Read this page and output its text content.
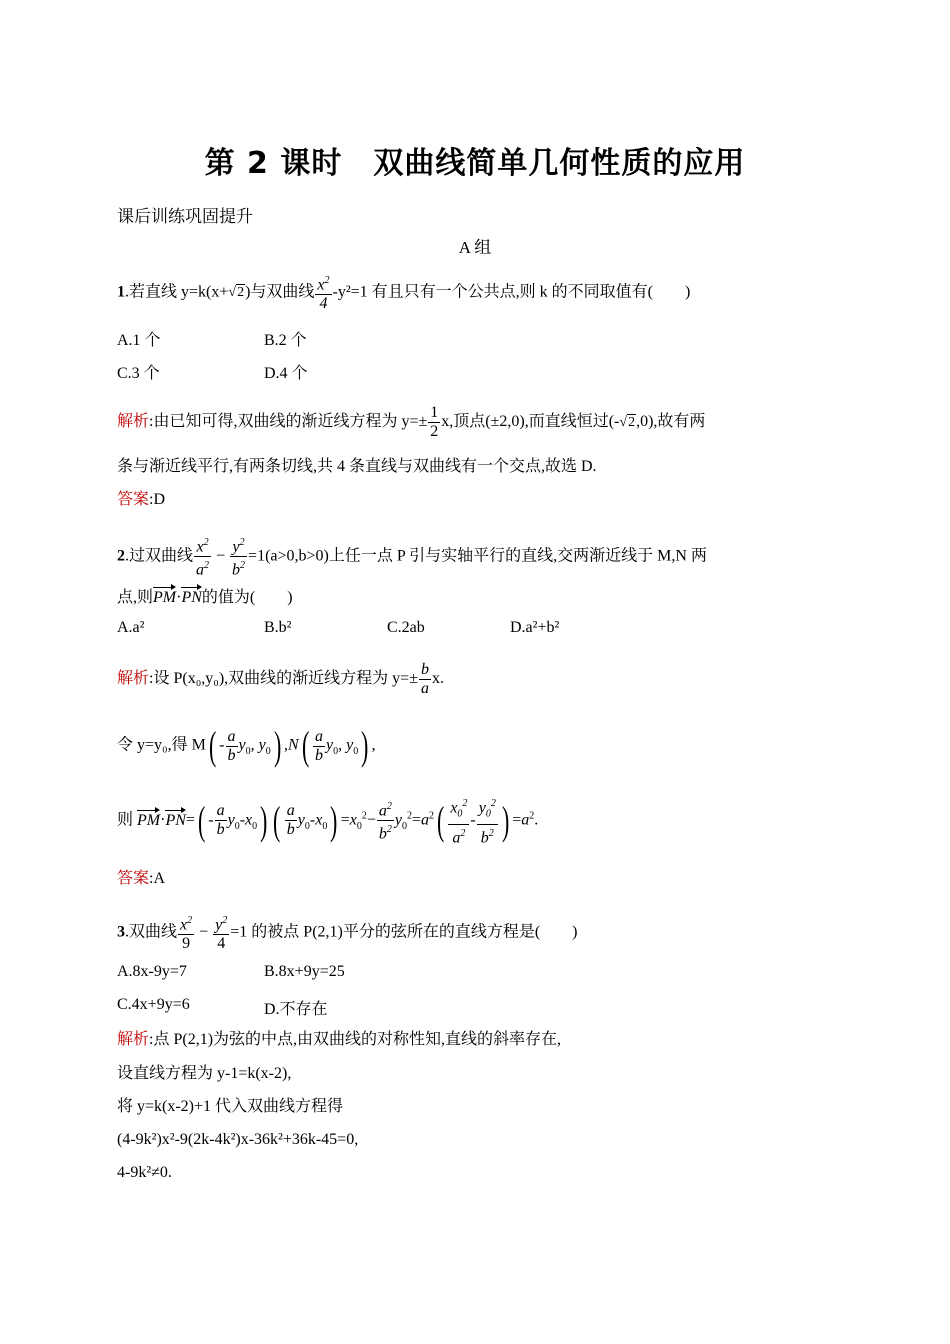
第 2 课时　双曲线简单几何性质的应用
课后训练巩固提升
A 组
1.若直线 y=k(x+√2)与双曲线 $\frac{x^2}{4} -y^2=1$ 有且只有一个公共点,则 k 的不同取值有(　　)
A.1 个	B.2 个
C.3 个	D.4 个
解析:由已知可得,双曲线的渐近线方程为 $y=\pm \frac{1}{2} x$,顶点(±2,0),而直线恒过(-√2,0),故有两
条与渐近线平行,有两条切线,共 4 条直线与双曲线有一个交点,故选 D.
答案:D
2.过双曲线 $\frac{x^2}{a^2} - \frac{y^2}{b^2} =1(a>0,b>0)$上任一点 P 引与实轴平行的直线,交两渐近线于 M,N 两
点,则PM·PN的值为(　　)
A.a²	B.b²	C.2ab	D.a²+b²
解析:设 P(x₀,y₀),双曲线的渐近线方程为 $y=\pm \frac{b}{a} x$.
令 y=y₀,得 $M( - \frac{a}{b} y_0$, $y_0$) $,N( \frac{a}{b} y_0$, $y_0$) ,
则 $PM\cdot PN=( - \frac{a}{b} y_0-x_0)$ ( $\frac{a}{b} y_0-x_0) =x_0^2- \frac{a^2}{b^2} y_0^2=a^2( \frac{x_0^2}{a^2} - \frac{y_0^2}{b^2}$ ) $=a^2$.
答案:A
3.双曲线 $\frac{x^2}{9} - \frac{y^2}{4} =1$ 的被点 P(2,1)平分的弦所在的直线方程是(　　)
A.8x-9y=7	B.8x+9y=25
C.4x+9y=6	D.不存在
解析:点 P(2,1)为弦的中点,由双曲线的对称性知,直线的斜率存在,
设直线方程为 y-1=k(x-2),
将 y=k(x-2)+1 代入双曲线方程得
(4-9k²)x²-9(2k-4k²)x-36k²+36k-45=0,
4-9k²≠0.
